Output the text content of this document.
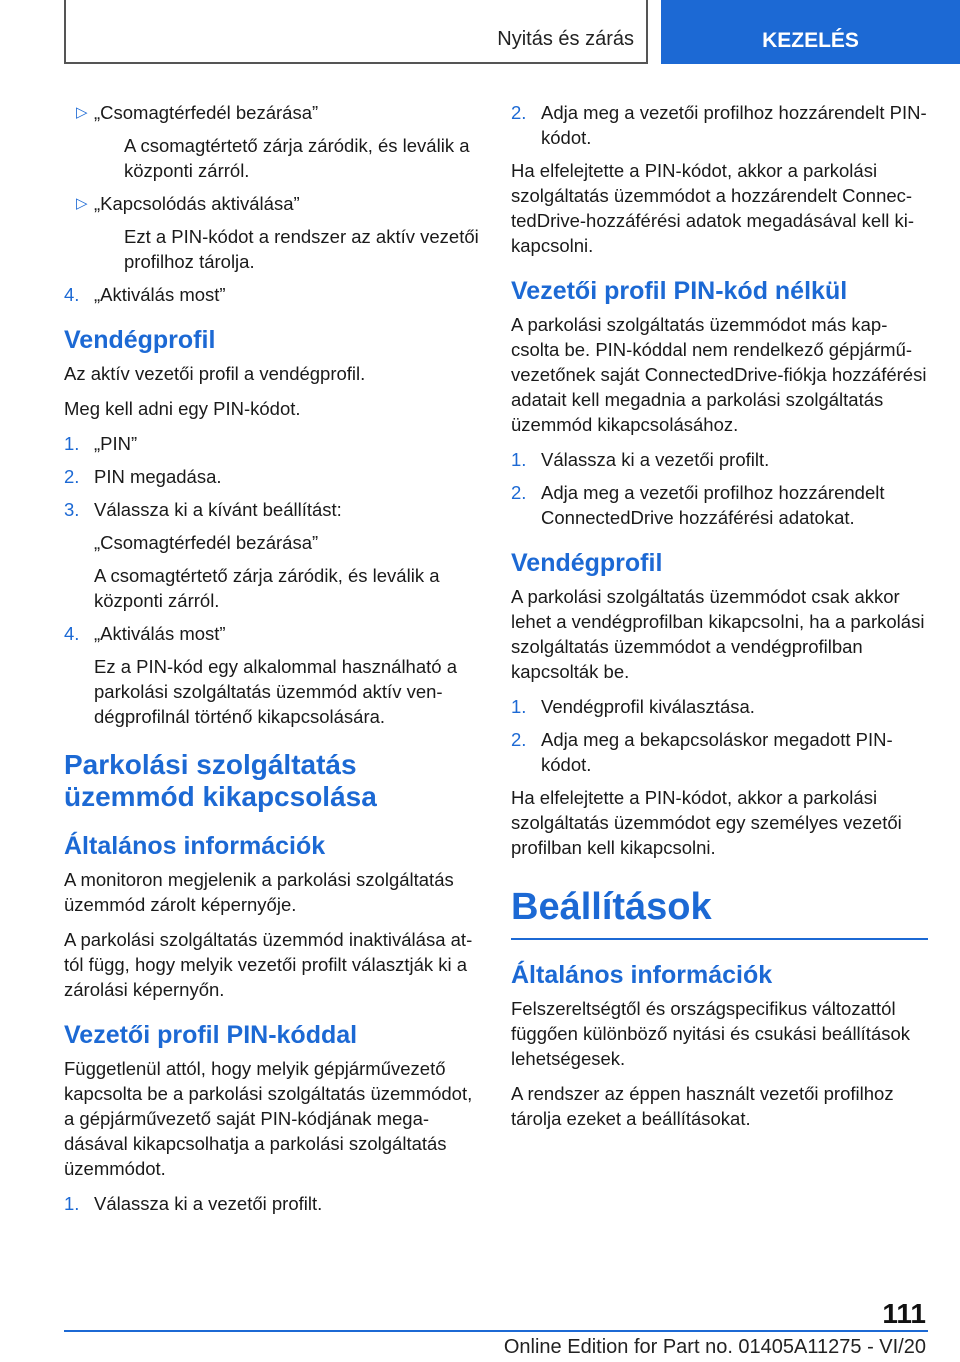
Nyitás és zárás	KEZELÉS
▷ „Csomagtérfedél bezárása”

A csomagtértető zárja záródik, és leválik a központi zárról.

▷ „Kapcsolódás aktiválása”

Ezt a PIN-kódot a rendszer az aktív vezetői profilhoz tárolja.

4. „Aktiválás most”
Vendégprofil

Az aktív vezetői profil a vendégprofil.

Meg kell adni egy PIN-kódot.

1. „PIN”
2. PIN megadása.
3. Válassza ki a kívánt beállítást:

„Csomagtérfedél bezárása”

A csomagtértető zárja záródik, és leválik a központi zárról.

4. „Aktiválás most”

Ez a PIN-kód egy alkalommal használható a parkolási szolgáltatás üzemmód aktív vendégprofilnál történő kikapcsolására.

Parkolási szolgáltatás üzemmód kikapcsolása
Általános információk

A monitoron megjelenik a parkolási szolgáltatás üzemmód zárolt képernyője.

A parkolási szolgáltatás üzemmód inaktiválása attól függ, hogy melyik vezetői profilt választják ki a zárolási képernyőn.

Vezetői profil PIN-kóddal

Függetlenül attól, hogy melyik gépjárművezető kapcsolta be a parkolási szolgáltatás üzemmódot, a gépjárművezető saját PIN-kódjának megadásával kikapcsolhatja a parkolási szolgáltatás üzemmódot.

1. Válassza ki a vezetői profilt.
2. Adja meg a vezetői profilhoz hozzárendelt PIN-kódot.

Ha elfelejtette a PIN-kódot, akkor a parkolási szolgáltatás üzemmódot a hozzárendelt ConnectedDrive-hozzáférési adatok megadásával kell kikapcsolni.

Vezetői profil PIN-kód nélkül

A parkolási szolgáltatás üzemmódot más kapcsolta be. PIN-kóddal nem rendelkező gépjárművezetőnek saját ConnectedDrive-fiókja hozzáférési adatait kell megadnia a parkolási szolgáltatás üzemmód kikapcsolásához.

1. Válassza ki a vezetői profilt.
2. Adja meg a vezetői profilhoz hozzárendelt ConnectedDrive hozzáférési adatokat.
Vendégprofil

A parkolási szolgáltatás üzemmódot csak akkor lehet a vendégprofilban kikapcsolni, ha a parkolási szolgáltatás üzemmódot a vendégprofilban kapcsolták be.

1. Vendégprofil kiválasztása.
2. Adja meg a bekapcsoláskor megadott PIN-kódot.

Ha elfelejtette a PIN-kódot, akkor a parkolási szolgáltatás üzemmódot egy személyes vezetői profilban kell kikapcsolni.

Beállítások
Általános információk

Felszereltségtől és országspecifikus változattól függően különböző nyitási és csukási beállítások lehetségesek.

A rendszer az éppen használt vezetői profilhoz tárolja ezeket a beállításokat.

111
Online Edition for Part no. 01405A11275 - VI/20
